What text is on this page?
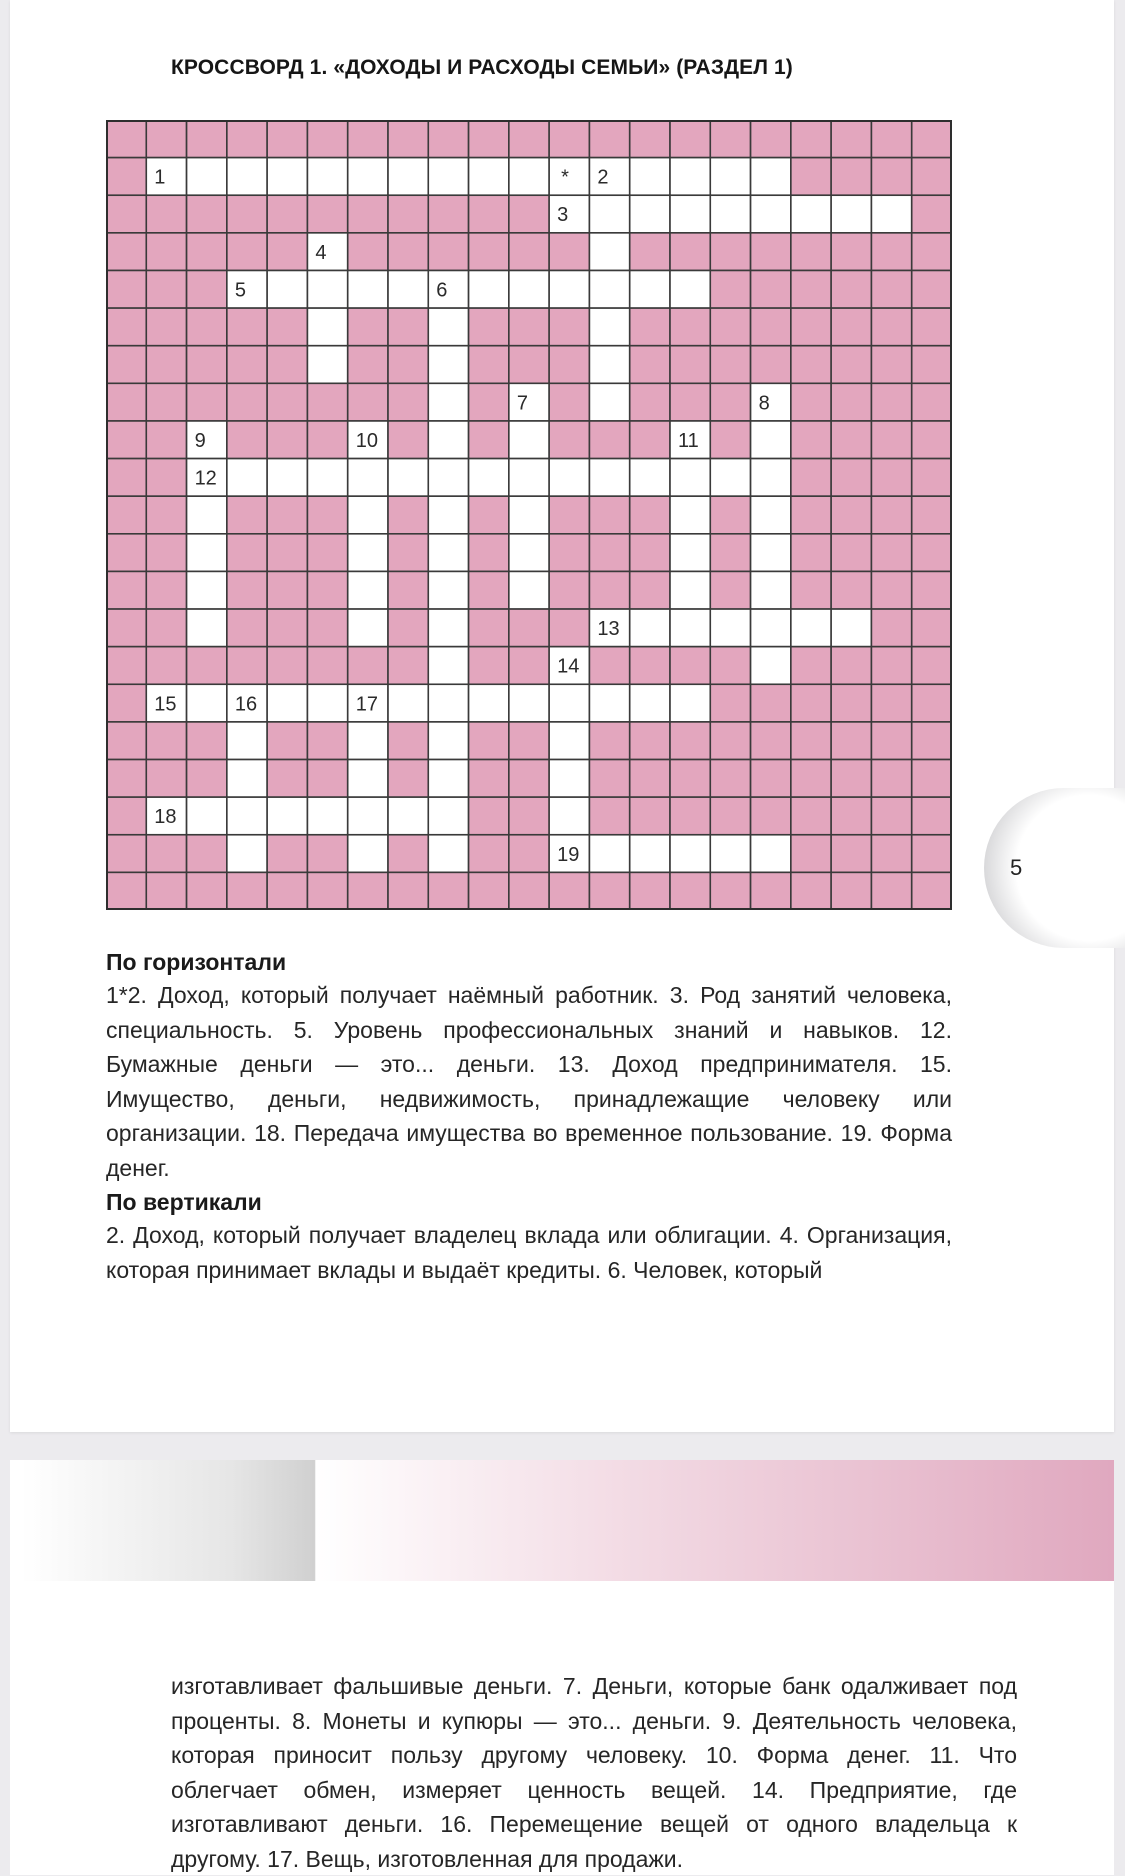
КРОССВОРД 1. «ДОХОДЫ И РАСХОДЫ СЕМЬИ» (РАЗДЕЛ 1)
1	* 2
3
4
5	6
7	8
9	10	11
12
13
14
15	16	17
18
19
5
По горизонтали
1*2. Доход, который получает наёмный работник. 3. Род занятий человека, специальность. 5. Уровень профессиональных знаний и навыков. 12. Бумажные деньги — это... деньги. 13. Доход предпринимателя. 15. Имущество, деньги, недвижимость, принадлежащие человеку или организации. 18. Передача имущества во временное пользование. 19. Форма денег.
По вертикали
2. Доход, который получает владелец вклада или облигации. 4. Организация, которая принимает вклады и выдаёт кредиты. 6. Человек, который
изготавливает фальшивые деньги. 7. Деньги, которые банк одалживает под проценты. 8. Монеты и купюры — это... деньги. 9. Деятельность человека, которая приносит пользу другому человеку. 10. Форма денег. 11. Что облегчает обмен, измеряет ценность вещей. 14. Предприятие, где изготавливают деньги. 16. Перемещение вещей от одного владельца к другому. 17. Вещь, изготовленная для продажи.
